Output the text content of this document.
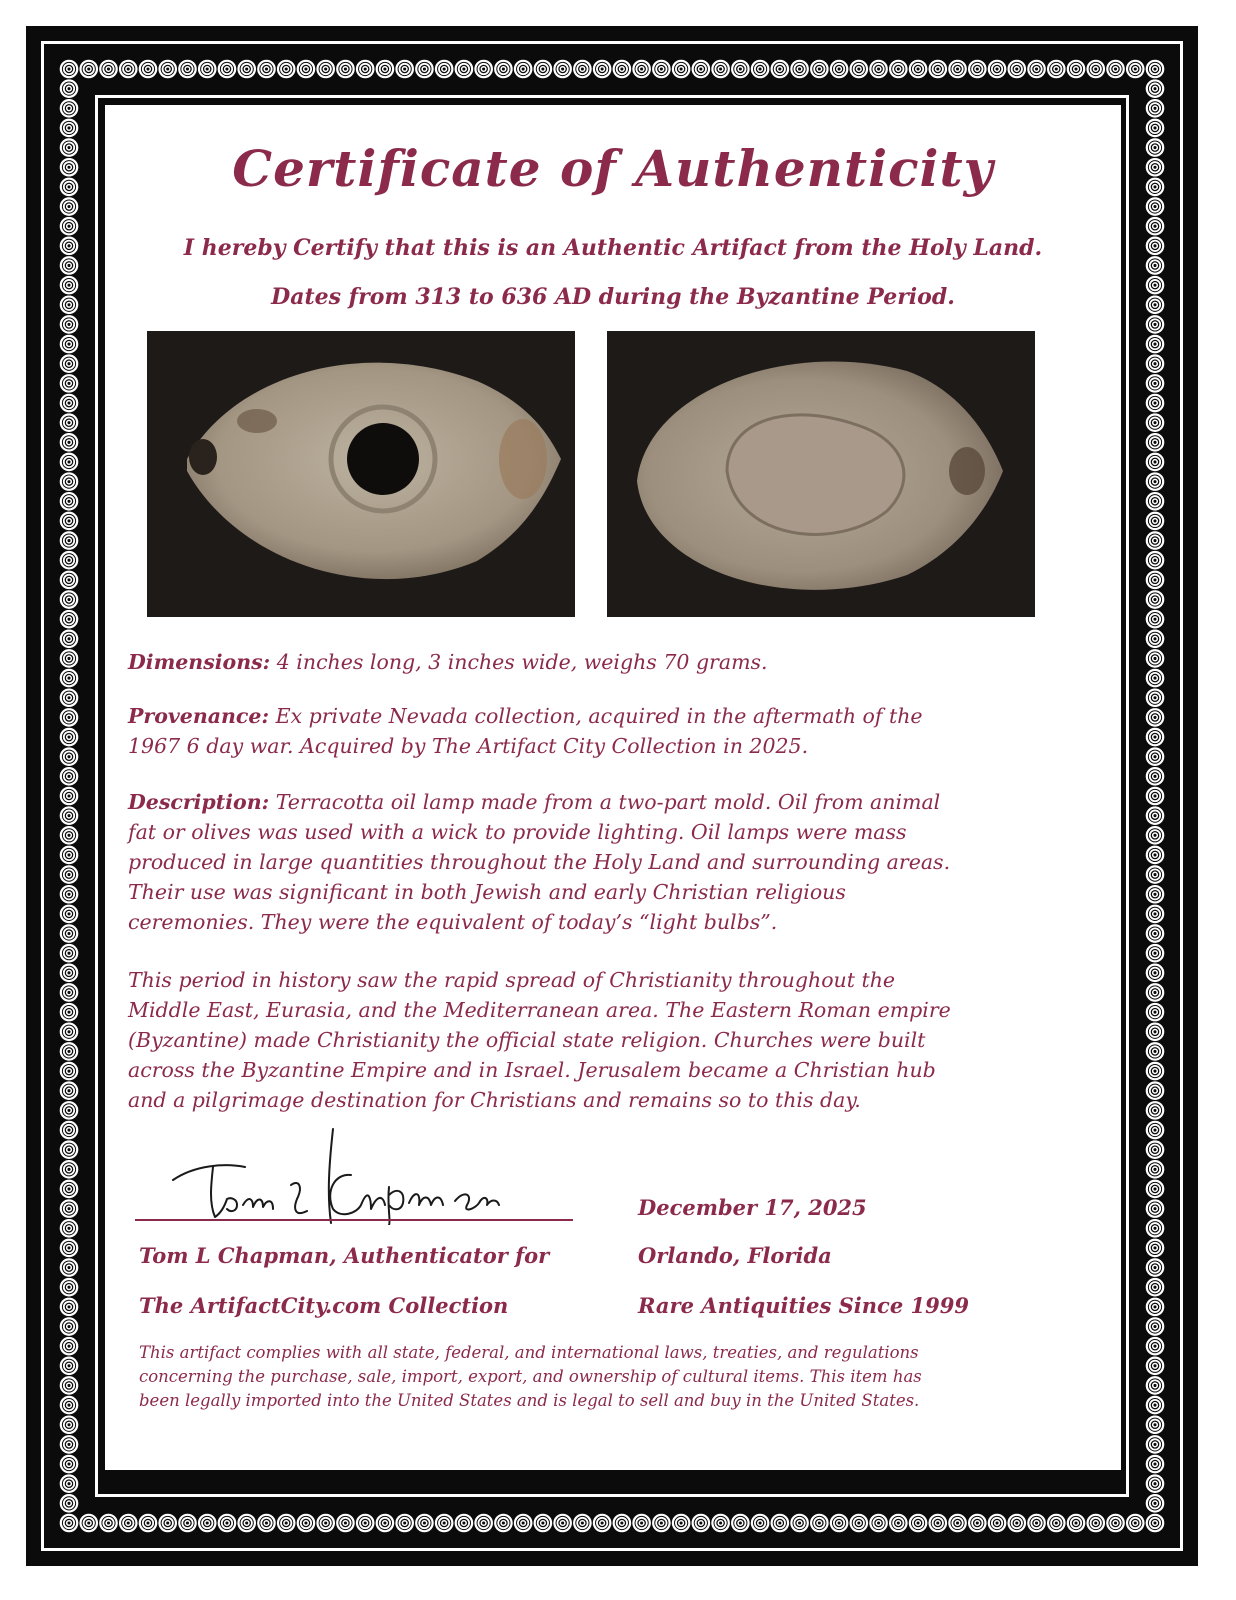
Certificate of Authenticity
I hereby Certify that this is an Authentic Artifact from the Holy Land.
Dates from 313 to 636 AD during the Byzantine Period.
Dimensions: 4 inches long, 3 inches wide, weighs 70 grams.
Provenance: Ex private Nevada collection, acquired in the aftermath of the
1967 6 day war. Acquired by The Artifact City Collection in 2025.
Description: Terracotta oil lamp made from a two-part mold. Oil from animal
fat or olives was used with a wick to provide lighting. Oil lamps were mass
produced in large quantities throughout the Holy Land and surrounding areas.
Their use was significant in both Jewish and early Christian religious
ceremonies. They were the equivalent of today’s “light bulbs”.
This period in history saw the rapid spread of Christianity throughout the
Middle East, Eurasia, and the Mediterranean area. The Eastern Roman empire
(Byzantine) made Christianity the official state religion. Churches were built
across the Byzantine Empire and in Israel. Jerusalem became a Christian hub
and a pilgrimage destination for Christians and remains so to this day.
Tom L Chapman, Authenticator for
The ArtifactCity.com Collection
December 17, 2025
Orlando, Florida
Rare Antiquities Since 1999
This artifact complies with all state, federal, and international laws, treaties, and regulations
concerning the purchase, sale, import, export, and ownership of cultural items. This item has
been legally imported into the United States and is legal to sell and buy in the United States.
